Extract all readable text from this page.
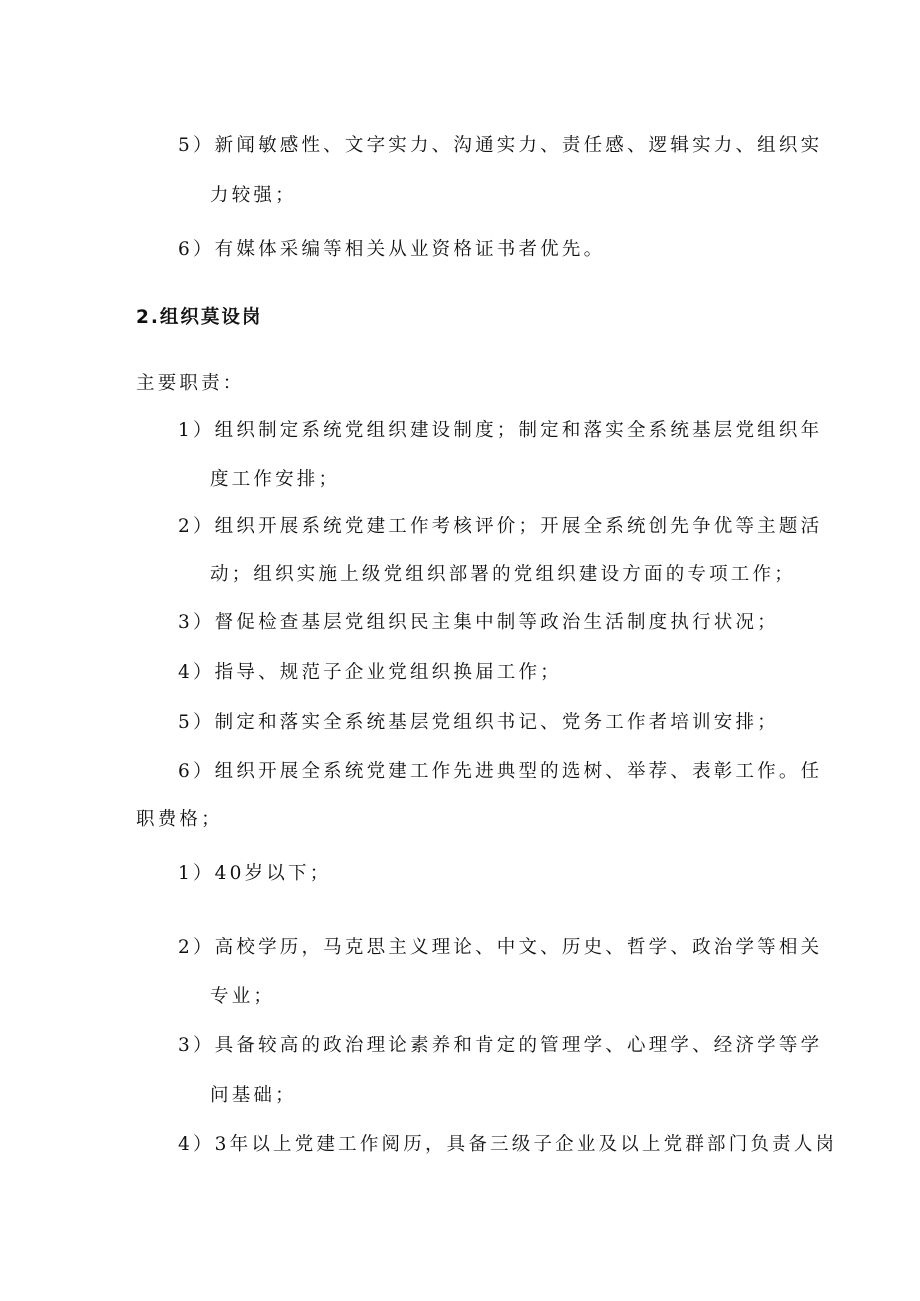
5）新闻敏感性、文字实力、沟通实力、责任感、逻辑实力、组织实
力较强；
6）有媒体采编等相关从业资格证书者优先。
2.组织莫设岗
主要职责：
1）组织制定系统党组织建设制度；制定和落实全系统基层党组织年
度工作安排；
2）组织开展系统党建工作考核评价；开展全系统创先争优等主题活
动；组织实施上级党组织部署的党组织建设方面的专项工作；
3）督促检查基层党组织民主集中制等政治生活制度执行状况；
4）指导、规范子企业党组织换届工作；
5）制定和落实全系统基层党组织书记、党务工作者培训安排；
6）组织开展全系统党建工作先进典型的选树、举荐、表彰工作。任
职费格；
1）40岁以下；
2）高校学历，马克思主义理论、中文、历史、哲学、政治学等相关
专业；
3）具备较高的政治理论素养和肯定的管理学、心理学、经济学等学
问基础；
4）3年以上党建工作阅历，具备三级子企业及以上党群部门负责人岗
